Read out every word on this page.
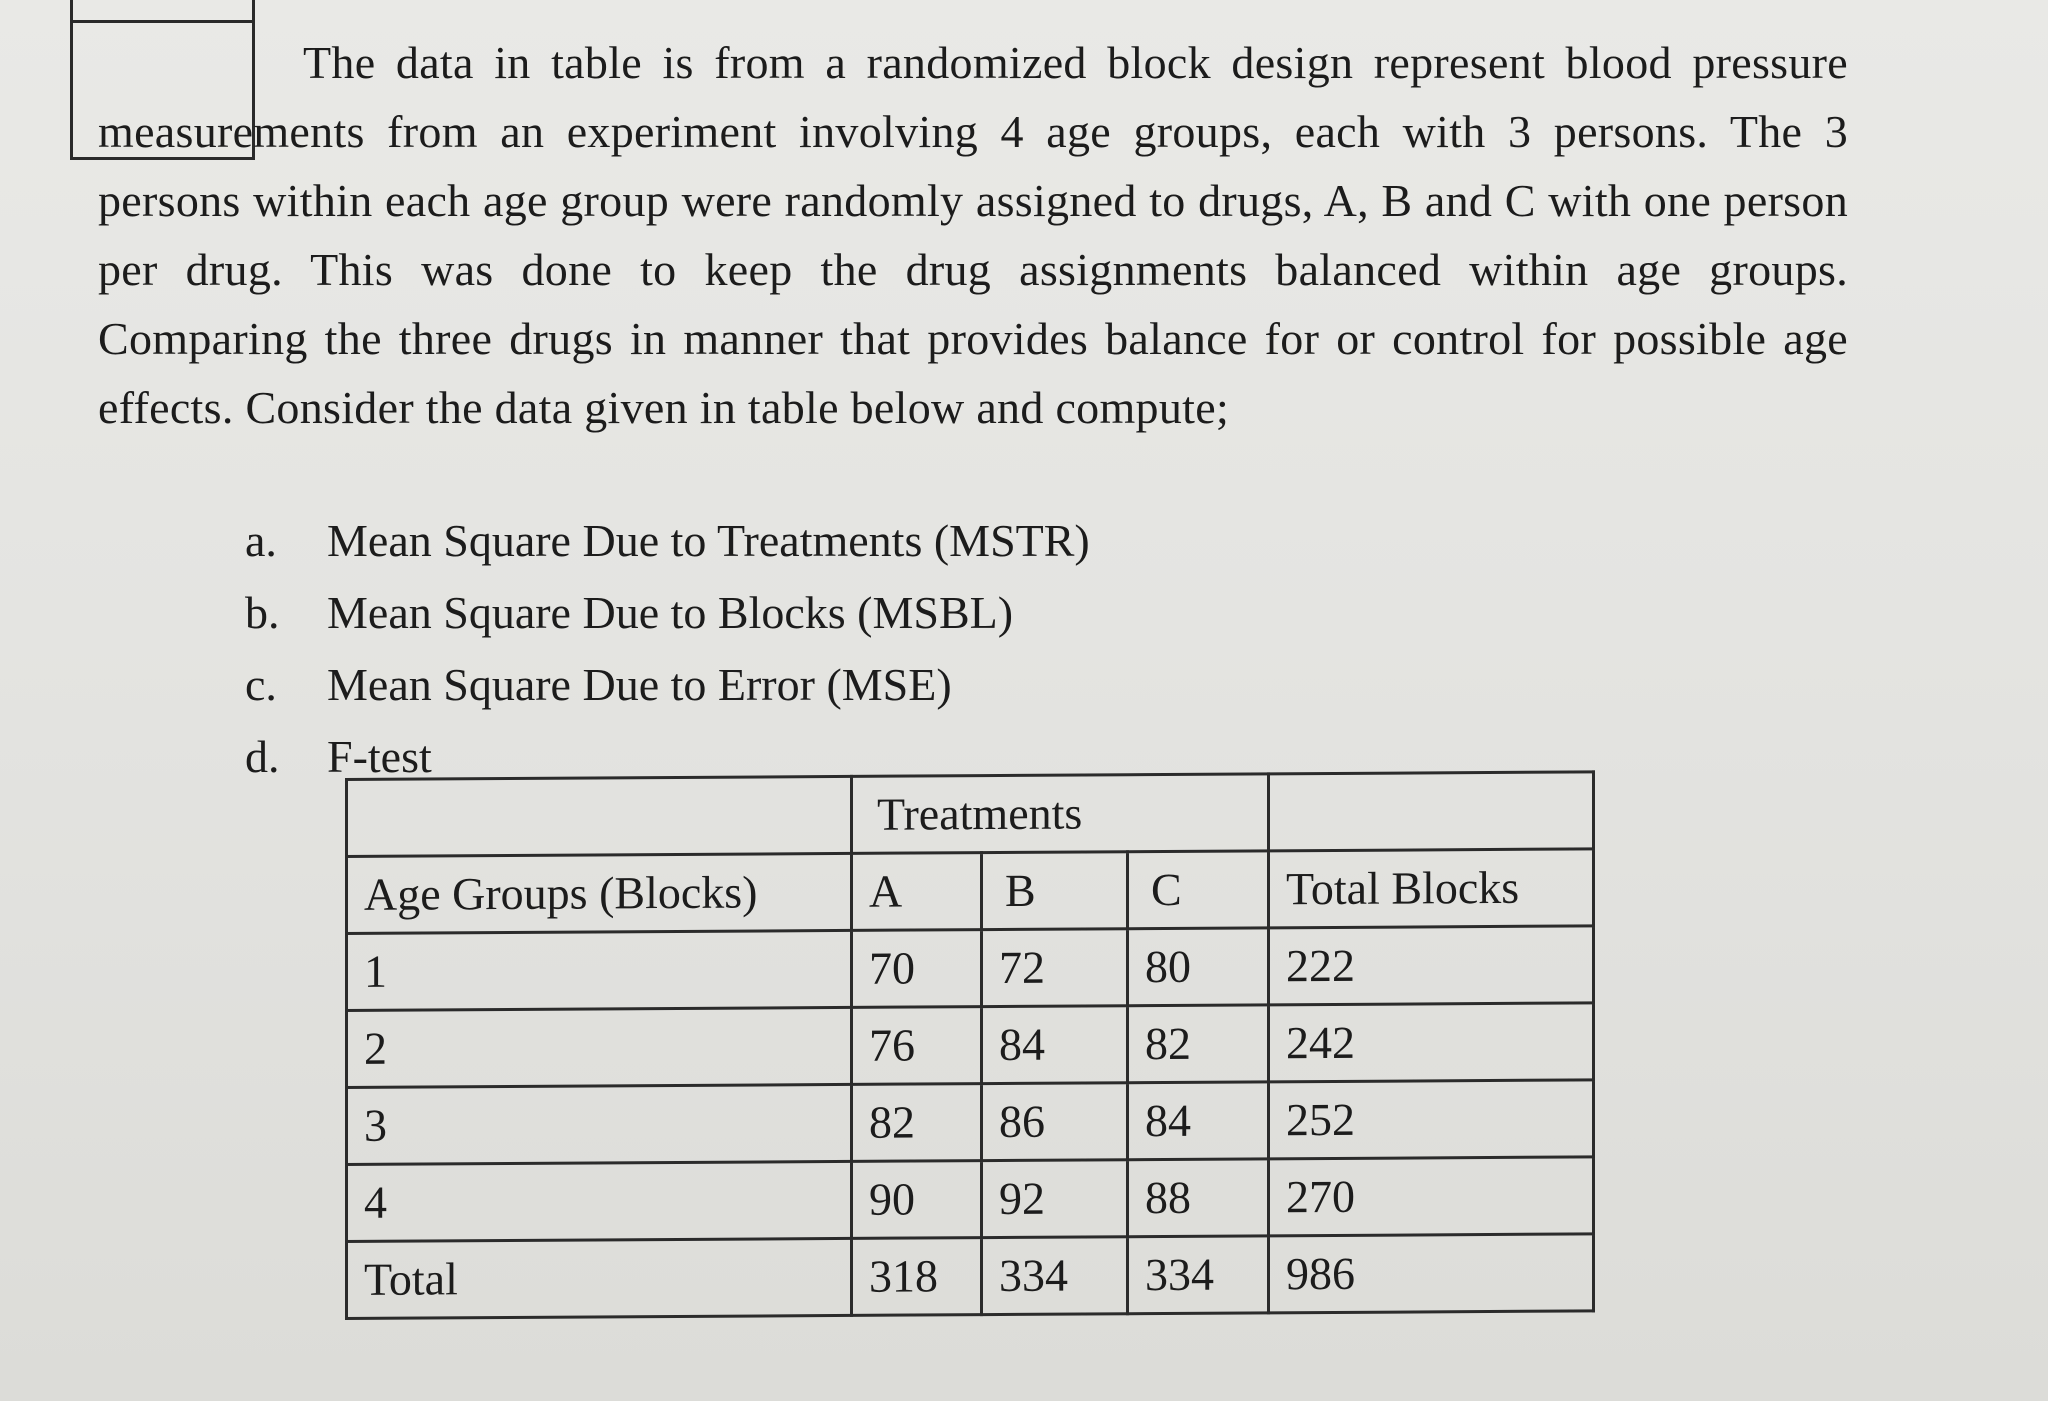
The data in table is from a randomized block design represent blood pressure measurements from an experiment involving 4 age groups, each with 3 persons. The 3 persons within each age group were randomly assigned to drugs, A, B and C with one person per drug. This was done to keep the drug assignments balanced within age groups. Comparing the three drugs in manner that provides balance for or control for possible age effects. Consider the data given in table below and compute;

a. Mean Square Due to Treatments (MSTR)
b. Mean Square Due to Blocks (MSBL)
c. Mean Square Due to Error (MSE)
d. F-test
	Treatments			
Age Groups (Blocks)	A	B	C	Total Blocks
1	70	72	80	222
2	76	84	82	242
3	82	86	84	252
4	90	92	88	270
Total	318	334	334	986
